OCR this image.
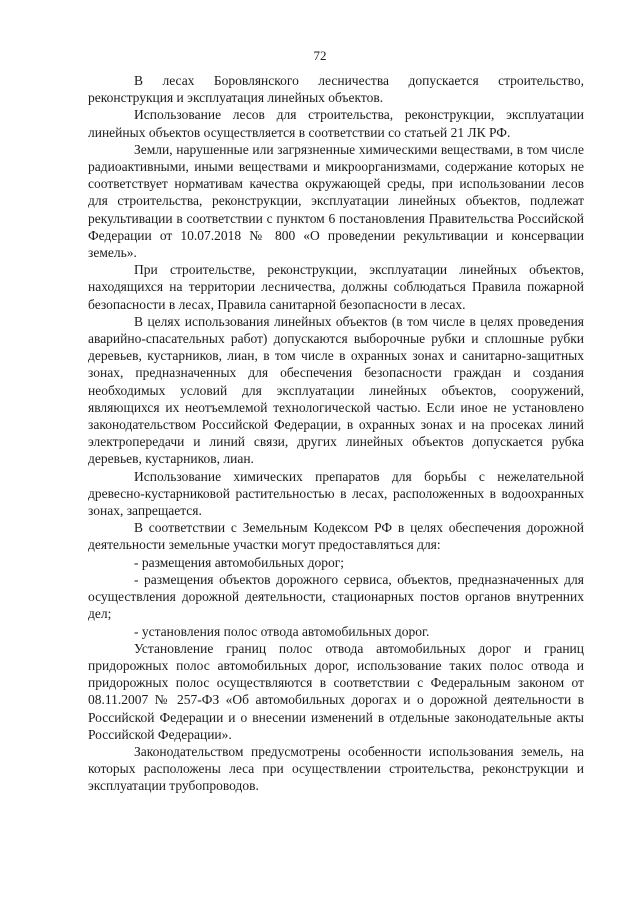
72

В лесах Боровлянского лесничества допускается строительство, реконструкция и эксплуатация линейных объектов.

Использование лесов для строительства, реконструкции, эксплуатации линейных объектов осуществляется в соответствии со статьей 21 ЛК РФ.

Земли, нарушенные или загрязненные химическими веществами, в том числе радиоактивными, иными веществами и микроорганизмами, содержание которых не соответствует нормативам качества окружающей среды, при использовании лесов для строительства, реконструкции, эксплуатации линейных объектов, подлежат рекультивации в соответствии с пунктом 6 постановления Правительства Российской Федерации от 10.07.2018 № 800 «О проведении рекультивации и консервации земель».

При строительстве, реконструкции, эксплуатации линейных объектов, находящихся на территории лесничества, должны соблюдаться Правила пожарной безопасности в лесах, Правила санитарной безопасности в лесах.

В целях использования линейных объектов (в том числе в целях проведения аварийно-спасательных работ) допускаются выборочные рубки и сплошные рубки деревьев, кустарников, лиан, в том числе в охранных зонах и санитарно-защитных зонах, предназначенных для обеспечения безопасности граждан и создания необходимых условий для эксплуатации линейных объектов, сооружений, являющихся их неотъемлемой технологической частью. Если иное не установлено законодательством Российской Федерации, в охранных зонах и на просеках линий электропередачи и линий связи, других линейных объектов допускается рубка деревьев, кустарников, лиан.

Использование химических препаратов для борьбы с нежелательной древесно-кустарниковой растительностью в лесах, расположенных в водоохранных зонах, запрещается.

В соответствии с Земельным Кодексом РФ в целях обеспечения дорожной деятельности земельные участки могут предоставляться для:

- размещения автомобильных дорог;

- размещения объектов дорожного сервиса, объектов, предназначенных для осуществления дорожной деятельности, стационарных постов органов внутренних дел;

- установления полос отвода автомобильных дорог.

Установление границ полос отвода автомобильных дорог и границ придорожных полос автомобильных дорог, использование таких полос отвода и придорожных полос осуществляются в соответствии с Федеральным законом от 08.11.2007 № 257-ФЗ «Об автомобильных дорогах и о дорожной деятельности в Российской Федерации и о внесении изменений в отдельные законодательные акты Российской Федерации».

Законодательством предусмотрены особенности использования земель, на которых расположены леса при осуществлении строительства, реконструкции и эксплуатации трубопроводов.
